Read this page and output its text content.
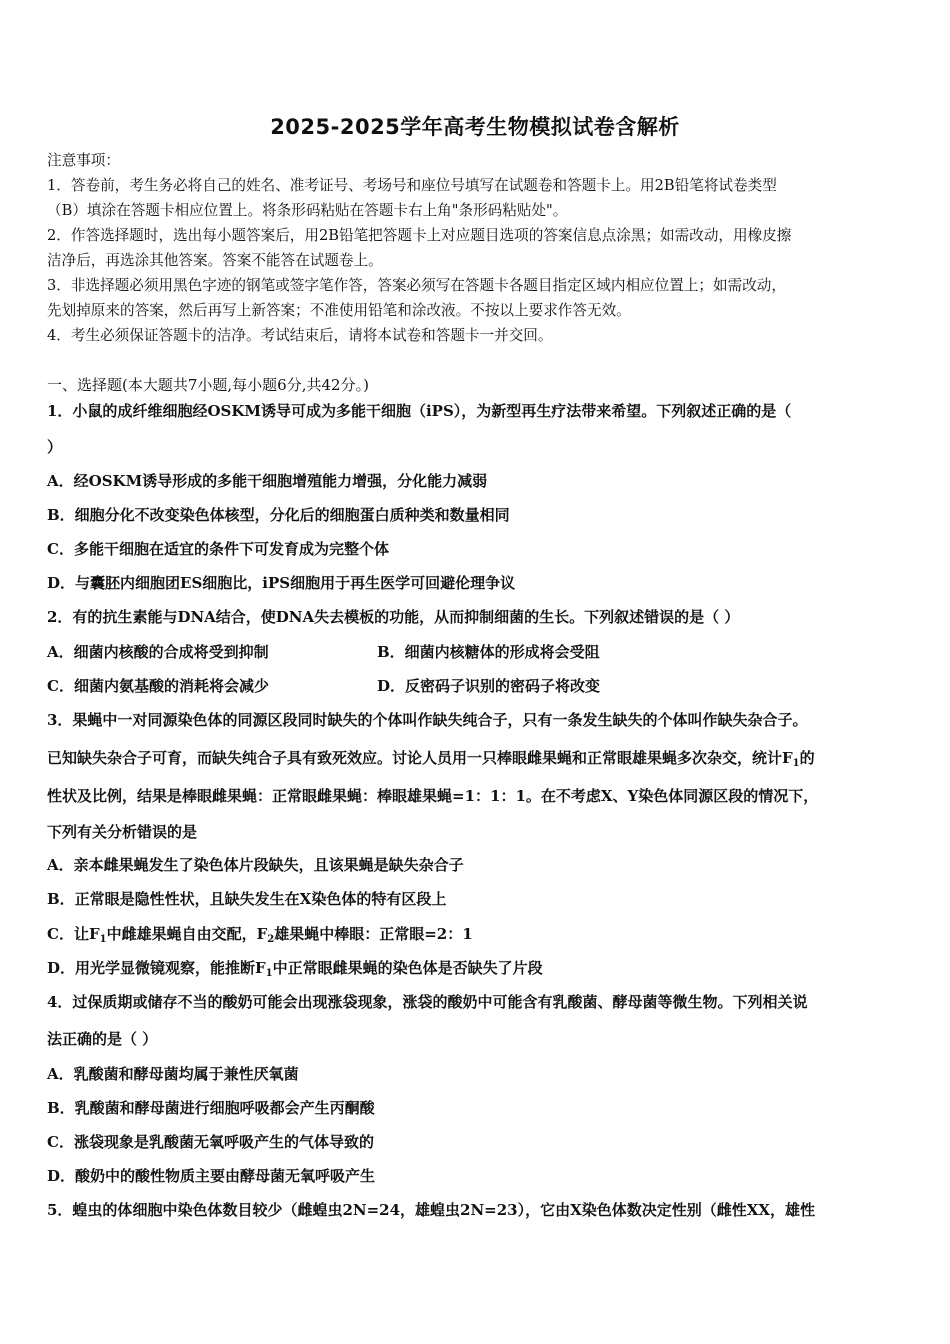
2025-2025学年高考生物模拟试卷含解析
注意事项：
1．答卷前，考生务必将自己的姓名、准考证号、考场号和座位号填写在试题卷和答题卡上。用2B铅笔将试卷类型
（B）填涂在答题卡相应位置上。将条形码粘贴在答题卡右上角"条形码粘贴处"。
2．作答选择题时，选出每小题答案后，用2B铅笔把答题卡上对应题目选项的答案信息点涂黑；如需改动，用橡皮擦
洁净后，再选涂其他答案。答案不能答在试题卷上。
3．非选择题必须用黑色字迹的钢笔或签字笔作答，答案必须写在答题卡各题目指定区域内相应位置上；如需改动，
先划掉原来的答案，然后再写上新答案；不准使用铅笔和涂改液。不按以上要求作答无效。
4．考生必须保证答题卡的洁净。考试结束后，请将本试卷和答题卡一并交回。
一、选择题(本大题共7小题,每小题6分,共42分。)
1．小鼠的成纤维细胞经OSKM诱导可成为多能干细胞（iPS），为新型再生疗法带来希望。下列叙述正确的是（
）
A．经OSKM诱导形成的多能干细胞增殖能力增强，分化能力减弱
B．细胞分化不改变染色体核型，分化后的细胞蛋白质种类和数量相同
C．多能干细胞在适宜的条件下可发育成为完整个体
D．与囊胚内细胞团ES细胞比，iPS细胞用于再生医学可回避伦理争议
2．有的抗生素能与DNA结合，使DNA失去模板的功能，从而抑制细菌的生长。下列叙述错误的是（ ）
A．细菌内核酸的合成将受到抑制	B．细菌内核糖体的形成将会受阻
C．细菌内氨基酸的消耗将会减少	D．反密码子识别的密码子将改变
3．果蝇中一对同源染色体的同源区段同时缺失的个体叫作缺失纯合子，只有一条发生缺失的个体叫作缺失杂合子。
已知缺失杂合子可育，而缺失纯合子具有致死效应。讨论人员用一只棒眼雌果蝇和正常眼雄果蝇多次杂交，统计$F_1$的
性状及比例，结果是棒眼雌果蝇：正常眼雌果蝇：棒眼雄果蝇=1：1：1。在不考虑X、Y染色体同源区段的情况下，
下列有关分析错误的是
A．亲本雌果蝇发生了染色体片段缺失，且该果蝇是缺失杂合子
B．正常眼是隐性性状，且缺失发生在X染色体的特有区段上
C．让$F_1$中雌雄果蝇自由交配，$F_2$雄果蝇中棒眼：正常眼=2：1
D．用光学显微镜观察，能推断$F_1$中正常眼雌果蝇的染色体是否缺失了片段
4．过保质期或储存不当的酸奶可能会出现涨袋现象，涨袋的酸奶中可能含有乳酸菌、酵母菌等微生物。下列相关说
法正确的是（ ）
A．乳酸菌和酵母菌均属于兼性厌氧菌
B．乳酸菌和酵母菌进行细胞呼吸都会产生丙酮酸
C．涨袋现象是乳酸菌无氧呼吸产生的气体导致的
D．酸奶中的酸性物质主要由酵母菌无氧呼吸产生
5．蝗虫的体细胞中染色体数目较少（雌蝗虫2N=24，雄蝗虫2N=23），它由X染色体数决定性别（雌性XX，雄性
